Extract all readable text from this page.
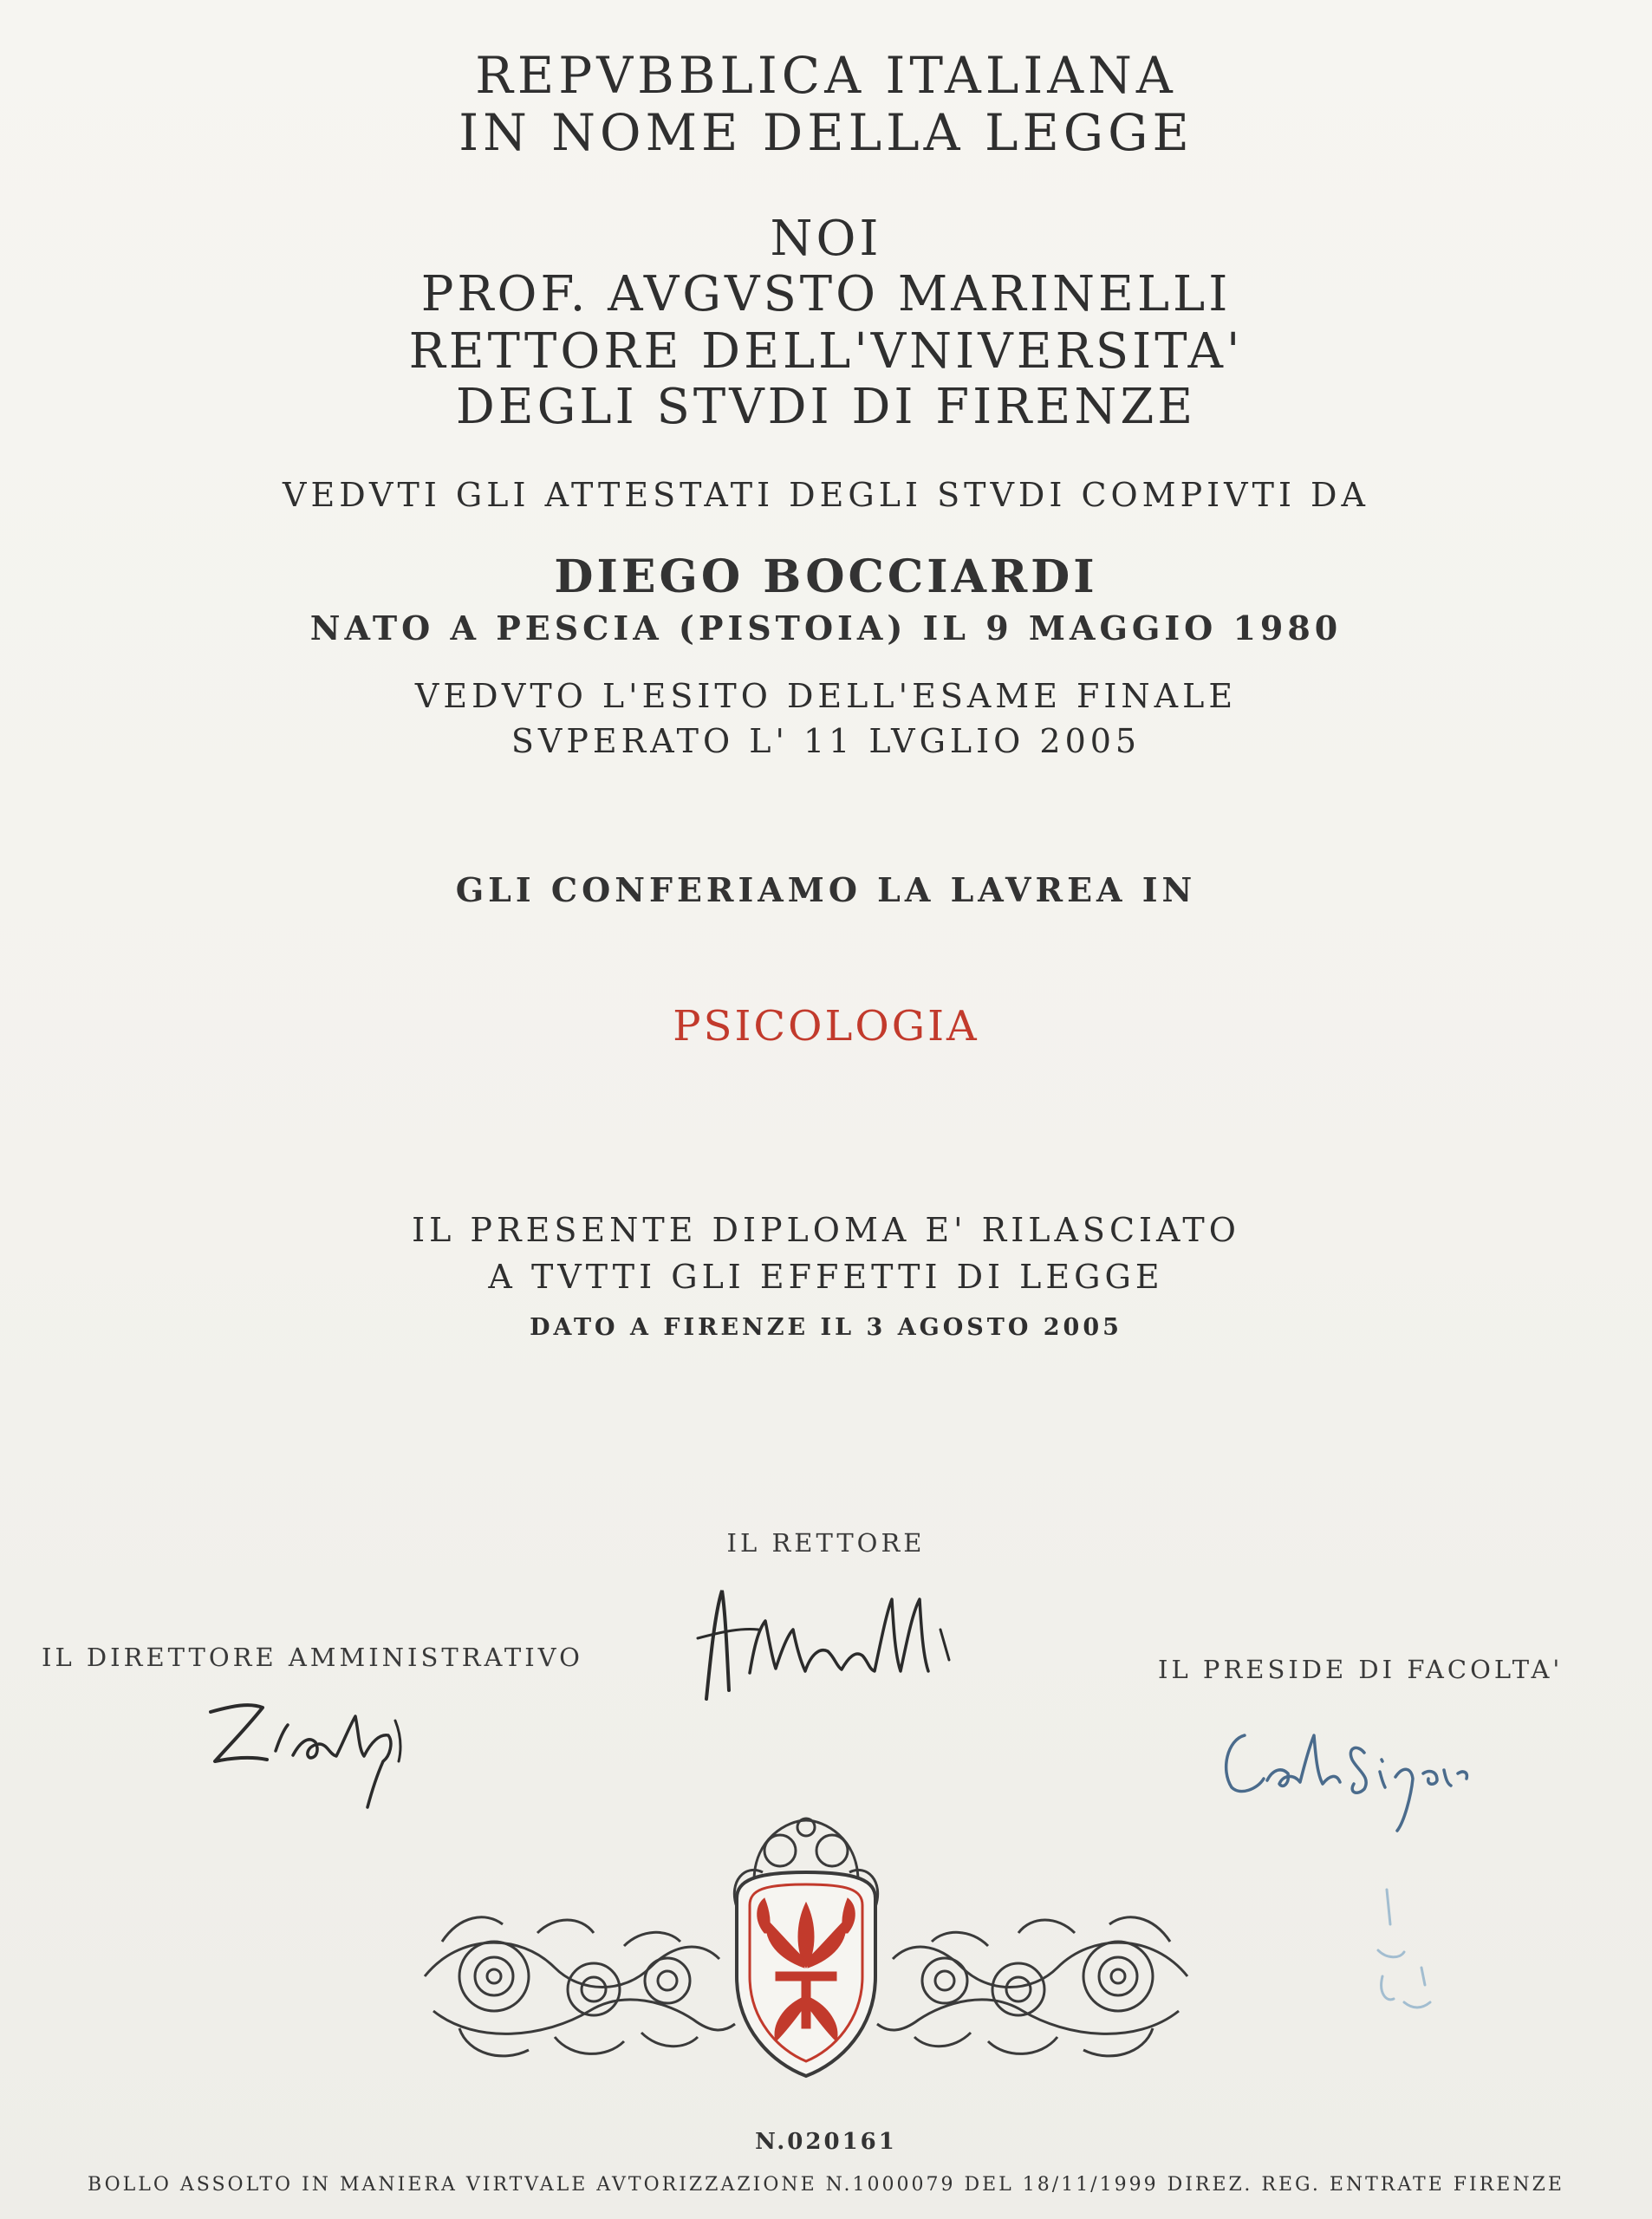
REPVBBLICA ITALIANA
IN NOME DELLA LEGGE
NOI
PROF. AVGVSTO MARINELLI
RETTORE DELL'VNIVERSITA'
DEGLI STVDI DI FIRENZE
VEDVTI GLI ATTESTATI DEGLI STVDI COMPIVTI DA
DIEGO BOCCIARDI
NATO A PESCIA (PISTOIA) IL 9 MAGGIO 1980
VEDVTO L'ESITO DELL'ESAME FINALE
SVPERATO L' 11 LVGLIO 2005
GLI CONFERIAMO LA LAVREA IN
PSICOLOGIA
IL PRESENTE DIPLOMA E' RILASCIATO
A TVTTI GLI EFFETTI DI LEGGE
DATO A FIRENZE IL 3 AGOSTO 2005
IL RETTORE
IL DIRETTORE AMMINISTRATIVO	IL PRESIDE DI FACOLTA'
N.020161
BOLLO ASSOLTO IN MANIERA VIRTVALE AVTORIZZAZIONE N.1000079 DEL 18/11/1999 DIREZ. REG. ENTRATE FIRENZE
